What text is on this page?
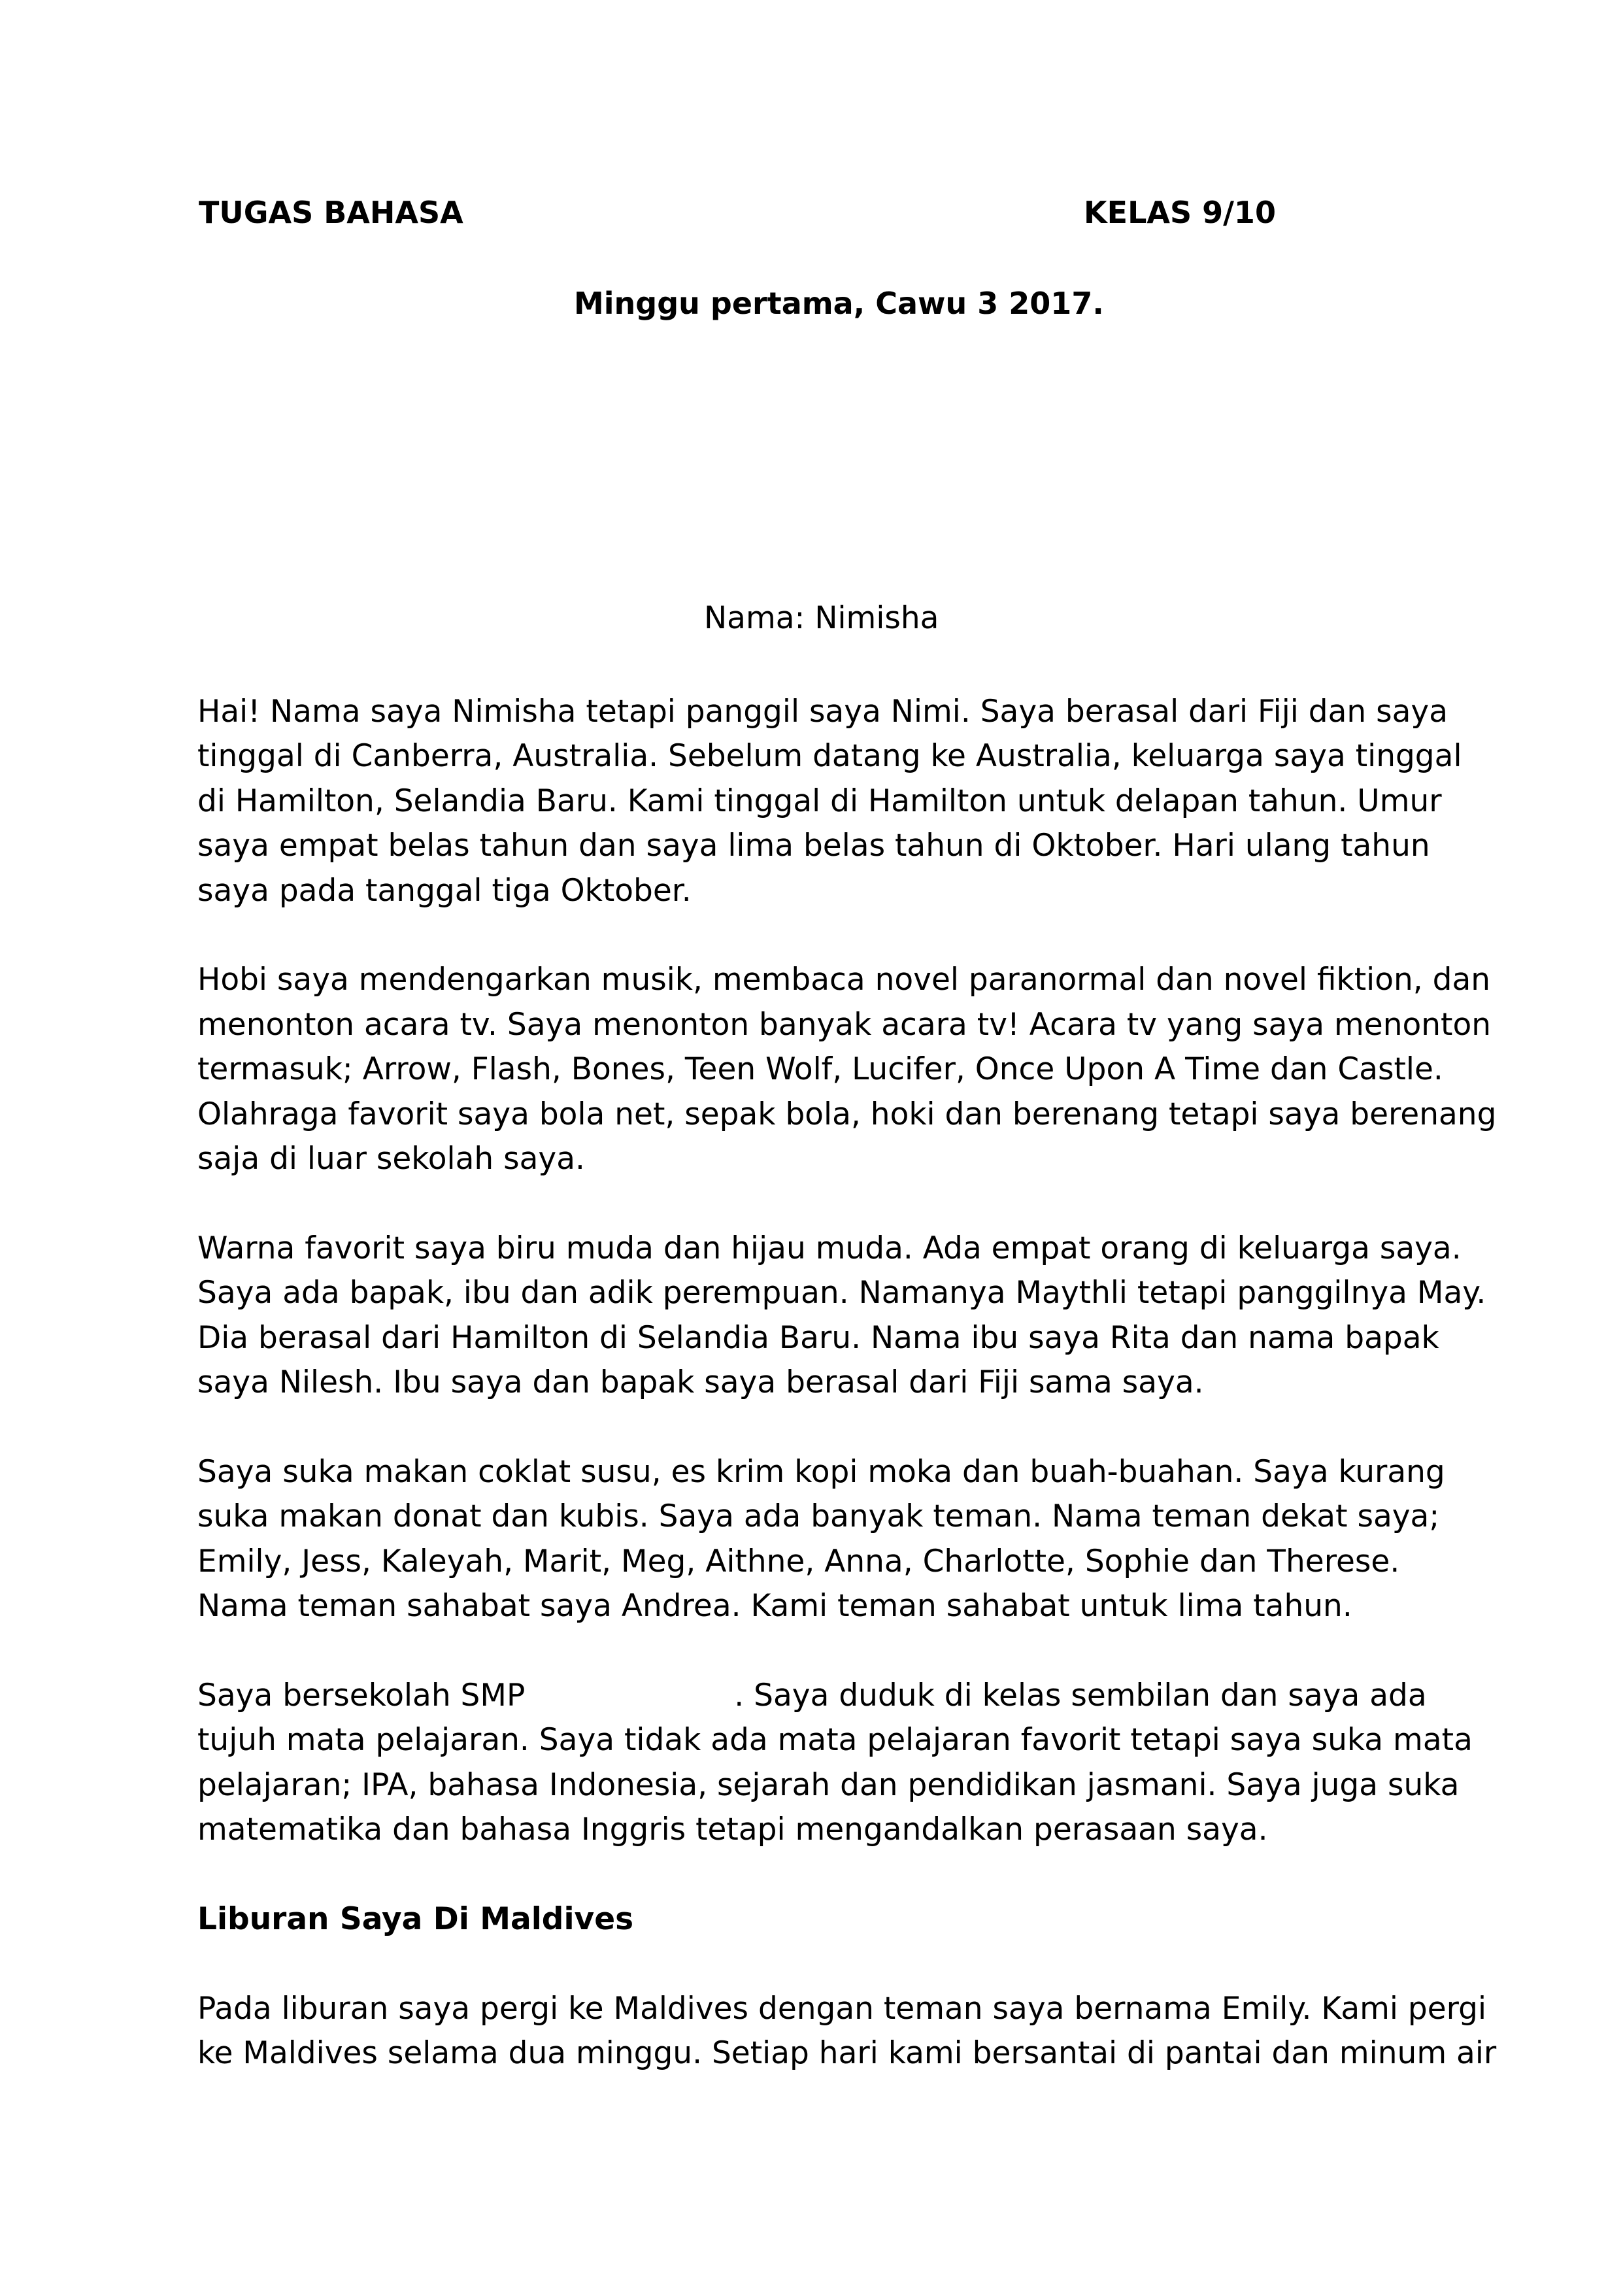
TUGAS BAHASA	KELAS 9/10
Minggu pertama, Cawu 3 2017.
Nama: Nimisha

Hai! Nama saya Nimisha tetapi panggil saya Nimi. Saya berasal dari Fiji dan saya
tinggal di Canberra, Australia. Sebelum datang ke Australia, keluarga saya tinggal
di Hamilton, Selandia Baru. Kami tinggal di Hamilton untuk delapan tahun. Umur
saya empat belas tahun dan saya lima belas tahun di Oktober. Hari ulang tahun
saya pada tanggal tiga Oktober.

Hobi saya mendengarkan musik, membaca novel paranormal dan novel fiktion, dan
menonton acara tv. Saya menonton banyak acara tv! Acara tv yang saya menonton
termasuk; Arrow, Flash, Bones, Teen Wolf, Lucifer, Once Upon A Time dan Castle.
Olahraga favorit saya bola net, sepak bola, hoki dan berenang tetapi saya berenang
saja di luar sekolah saya.

Warna favorit saya biru muda dan hijau muda. Ada empat orang di keluarga saya.
Saya ada bapak, ibu dan adik perempuan. Namanya Maythli tetapi panggilnya May.
Dia berasal dari Hamilton di Selandia Baru. Nama ibu saya Rita dan nama bapak
saya Nilesh. Ibu saya dan bapak saya berasal dari Fiji sama saya.

Saya suka makan coklat susu, es krim kopi moka dan buah-buahan. Saya kurang
suka makan donat dan kubis. Saya ada banyak teman. Nama teman dekat saya;
Emily, Jess, Kaleyah, Marit, Meg, Aithne, Anna, Charlotte, Sophie dan Therese.
Nama teman sahabat saya Andrea. Kami teman sahabat untuk lima tahun.

Saya bersekolah SMP	. Saya duduk di kelas sembilan dan saya ada
tujuh mata pelajaran. Saya tidak ada mata pelajaran favorit tetapi saya suka mata
pelajaran; IPA, bahasa Indonesia, sejarah dan pendidikan jasmani. Saya juga suka
matematika dan bahasa Inggris tetapi mengandalkan perasaan saya.

Liburan Saya Di Maldives

Pada liburan saya pergi ke Maldives dengan teman saya bernama Emily. Kami pergi
ke Maldives selama dua minggu. Setiap hari kami bersantai di pantai dan minum air
